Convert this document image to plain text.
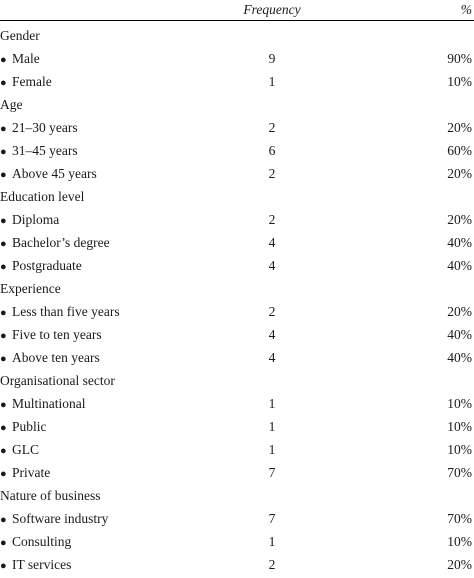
Frequency	%
Gender
● Male	9	90%
● Female	1	10%
Age
● 21–30 years	2	20%
● 31–45 years	6	60%
● Above 45 years	2	20%
Education level
● Diploma	2	20%
● Bachelor’s degree	4	40%
● Postgraduate	4	40%
Experience
● Less than five years	2	20%
● Five to ten years	4	40%
● Above ten years	4	40%
Organisational sector
● Multinational	1	10%
● Public	1	10%
● GLC	1	10%
● Private	7	70%
Nature of business
● Software industry	7	70%
● Consulting	1	10%
● IT services	2	20%
